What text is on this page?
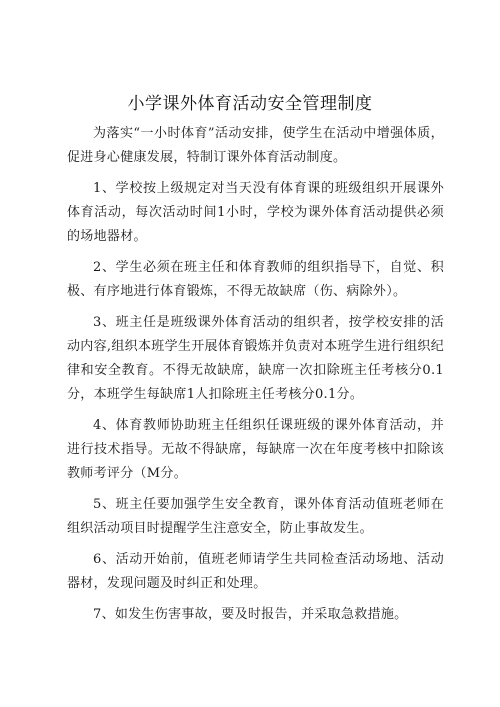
小学课外体育活动安全管理制度

为落实“一小时体育”活动安排，使学生在活动中增强体质，促进身心健康发展，特制订课外体育活动制度。

1、学校按上级规定对当天没有体育课的班级组织开展课外体育活动，每次活动时间1小时，学校为课外体育活动提供必须的场地器材。

2、学生必须在班主任和体育教师的组织指导下，自觉、积极、有序地进行体育锻炼，不得无故缺席（伤、病除外）。

3、班主任是班级课外体育活动的组织者，按学校安排的活动内容,组织本班学生开展体育锻炼并负责对本班学生进行组织纪律和安全教育。不得无故缺席，缺席一次扣除班主任考核分0.1分，本班学生每缺席1人扣除班主任考核分0.1分。

4、体育教师协助班主任组织任课班级的课外体育活动，并进行技术指导。无故不得缺席，每缺席一次在年度考核中扣除该教师考评分（M分。

5、班主任要加强学生安全教育，课外体育活动值班老师在组织活动项目时提醒学生注意安全，防止事故发生。

6、活动开始前，值班老师请学生共同检查活动场地、活动器材，发现问题及时纠正和处理。

7、如发生伤害事故，要及时报告，并采取急救措施。
